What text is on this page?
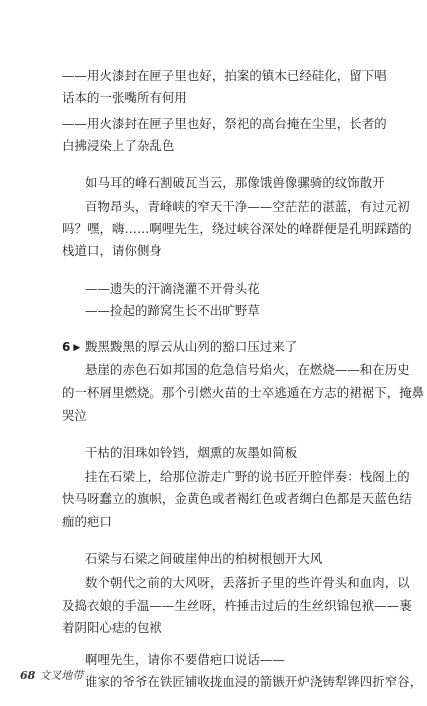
——用火漆封在匣子里也好，拍案的镇木已经硅化，留下唱
话本的一张嘴所有何用
——用火漆封在匣子里也好，祭祀的高台掩在尘里，长者的
白拂浸染上了杂乱色
如马耳的峰石割破瓦当云，那像饿兽像骡骑的纹饰散开
百物昂头，青峰峡的窄天干净——空茫茫的湛蓝，有过元初
吗？嘿，嗨……啊哩先生，绕过峡谷深处的峰群便是孔明踩踏的
栈道口，请你侧身
——遗失的汗滴浇灌不开骨头花
——捡起的蹄窝生长不出旷野草
6 ▶ 黢黑黢黑的厚云从山列的豁口压过来了
悬崖的赤色石如邦国的危急信号焰火，在燃烧——和在历史
的一杯屑里燃烧。那个引燃火苗的士卒逃遁在方志的裙裾下，掩鼻
哭泣
干枯的泪珠如铃铛，烟熏的灰墨如简板
挂在石梁上，给那位游走广野的说书匠开腔伴奏：栈阁上的
快马呀蠢立的旗帜，金黄色或者褐红色或者绸白色都是天蓝色结
痂的疤口
石梁与石梁之间破崖伸出的柏树根刨开大风
数个朝代之前的大风呀，丢落折子里的些许骨头和血肉，以
及捣衣娘的手温——生丝呀，杵捶击过后的生丝织锦包袱——裹
着阴阳心痣的包袱
啊哩先生，请你不要借疤口说话——
谁家的爷爷在铁匠铺收拢血浸的箭镞开炉浇铸犁铧四折窄谷，
68 文叉地带
